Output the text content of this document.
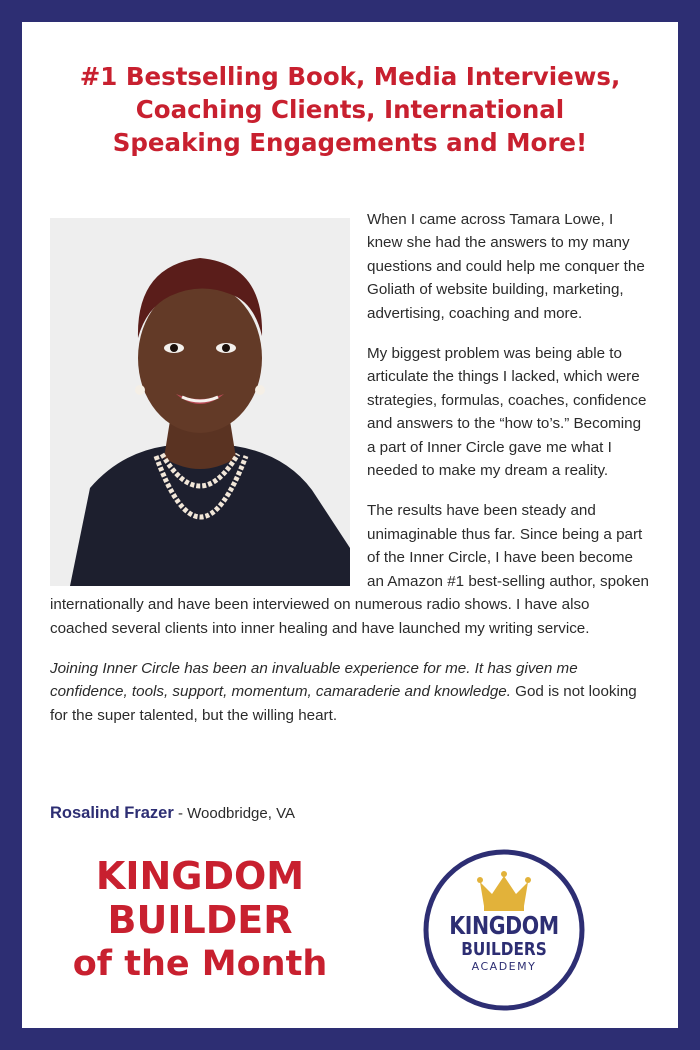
#1 Bestselling Book, Media Interviews,
Coaching Clients, International
Speaking Engagements and More!

When I came across Tamara Lowe, I knew she had the answers to my many questions and could help me conquer the Goliath of website building, marketing, advertising, coaching and more.

My biggest problem was being able to articulate the things I lacked, which were strategies, formulas, coaches, confidence and answers to the “how to’s.” Becoming a part of Inner Circle gave me what I needed to make my dream a reality.

The results have been steady and unimaginable thus far. Since being a part of the Inner Circle, I have been become an Amazon #1 best-selling author, spoken internationally and have been interviewed on numerous radio shows. I have also coached several clients into inner healing and have launched my writing service.

Joining Inner Circle has been an invaluable experience for me. It has given me confidence, tools, support, momentum, camaraderie and knowledge. God is not looking for the super talented, but the willing heart.

Rosalind Frazer - Woodbridge, VA
KINGDOM
BUILDER
of the Month
KINGDOM
BUILDERS
ACADEMY
